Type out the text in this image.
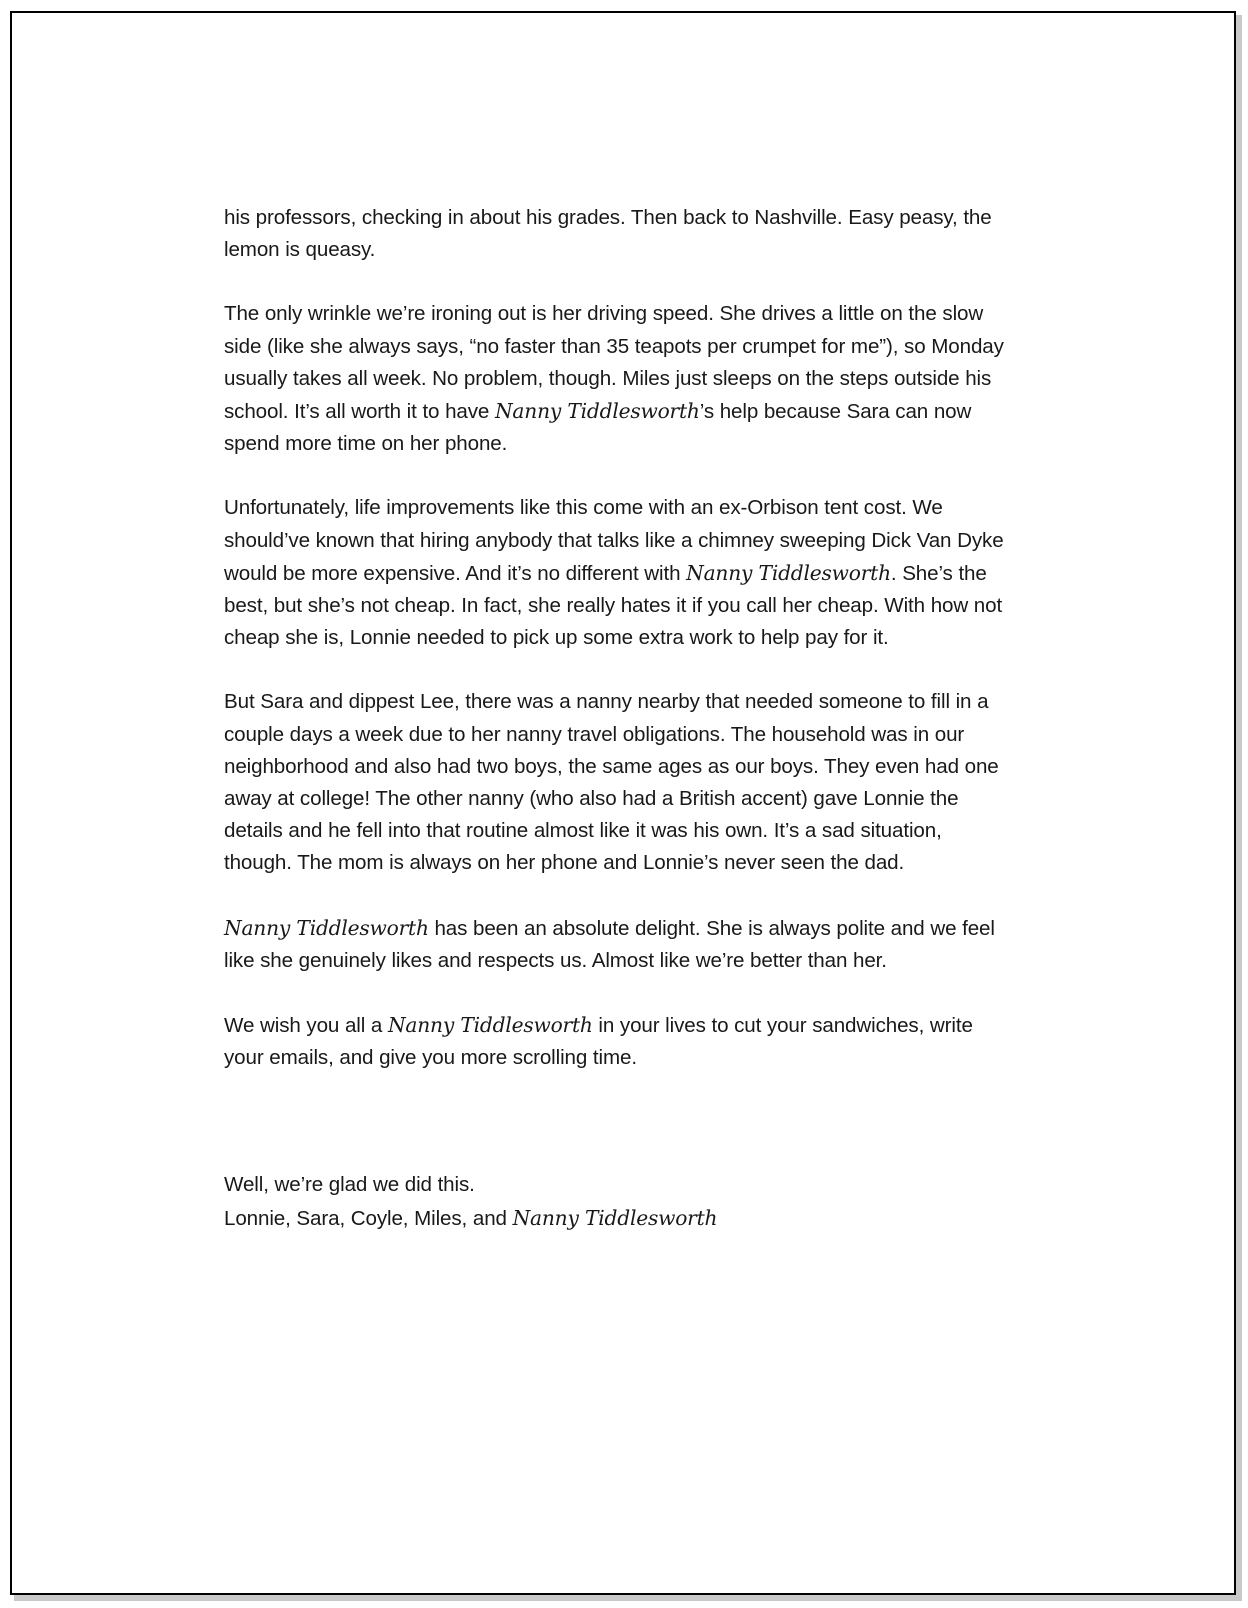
his professors, checking in about his grades. Then back to Nashville. Easy peasy, the lemon is queasy.

The only wrinkle we’re ironing out is her driving speed. She drives a little on the slow side (like she always says, “no faster than 35 teapots per crumpet for me”), so Monday usually takes all week. No problem, though. Miles just sleeps on the steps outside his school. It’s all worth it to have Nanny Tiddlesworth’s help because Sara can now spend more time on her phone.

Unfortunately, life improvements like this come with an ex-Orbison tent cost. We should’ve known that hiring anybody that talks like a chimney sweeping Dick Van Dyke would be more expensive. And it’s no different with Nanny Tiddlesworth. She’s the best, but she’s not cheap. In fact, she really hates it if you call her cheap. With how not cheap she is, Lonnie needed to pick up some extra work to help pay for it.

But Sara and dippest Lee, there was a nanny nearby that needed someone to fill in a couple days a week due to her nanny travel obligations. The household was in our neighborhood and also had two boys, the same ages as our boys. They even had one away at college! The other nanny (who also had a British accent) gave Lonnie the details and he fell into that routine almost like it was his own. It’s a sad situation, though. The mom is always on her phone and Lonnie’s never seen the dad.

Nanny Tiddlesworth has been an absolute delight. She is always polite and we feel like she genuinely likes and respects us. Almost like we’re better than her.

We wish you all a Nanny Tiddlesworth in your lives to cut your sandwiches, write your emails, and give you more scrolling time.

Well, we’re glad we did this.
Lonnie, Sara, Coyle, Miles, and Nanny Tiddlesworth
